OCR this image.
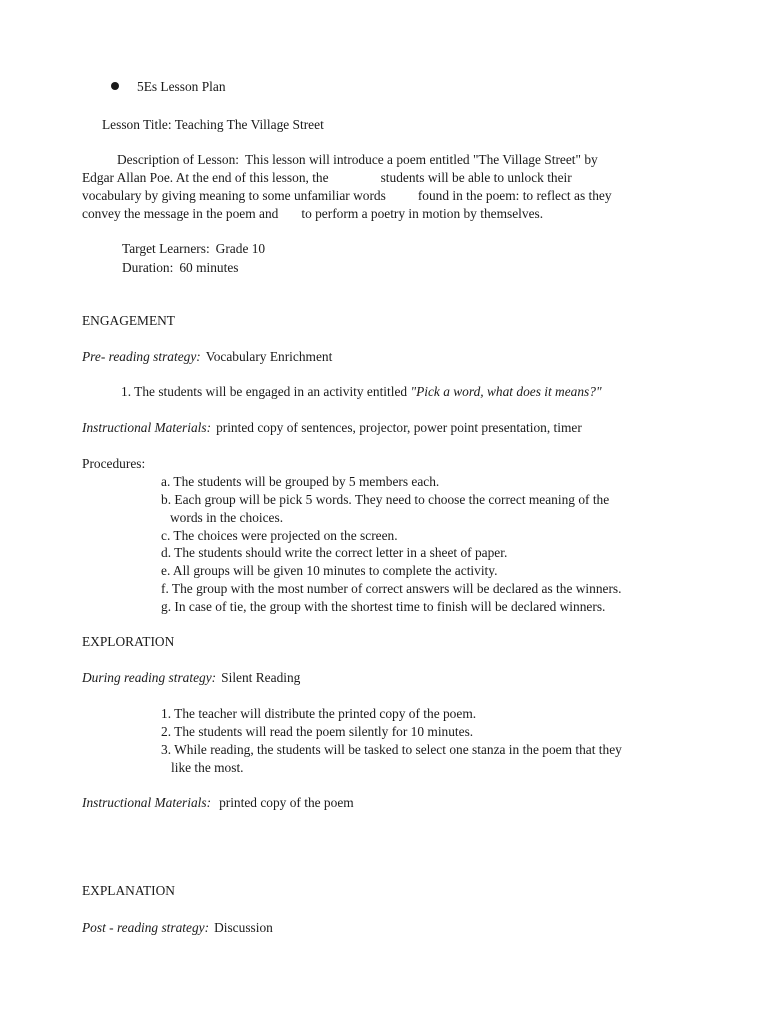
5Es Lesson Plan
Lesson Title: Teaching The Village Street
Description of Lesson: This lesson will introduce a poem entitled "The Village Street" by
Edgar Allan Poe. At the end of this lesson, the	students will be able to unlock their
vocabulary by giving meaning to some unfamiliar words found in the poem: to reflect as they
convey the message in the poem and to perform a poetry in motion by themselves.
Target Learners: Grade 10
Duration: 60 minutes
ENGAGEMENT
Pre- reading strategy: Vocabulary Enrichment
1. The students will be engaged in an activity entitled "Pick a word, what does it means?"
Instructional Materials: printed copy of sentences, projector, power point presentation, timer
Procedures:
a. The students will be grouped by 5 members each.
b. Each group will be pick 5 words. They need to choose the correct meaning of the
words in the choices.
c. The choices were projected on the screen.
d. The students should write the correct letter in a sheet of paper.
e. All groups will be given 10 minutes to complete the activity.
f. The group with the most number of correct answers will be declared as the winners.
g. In case of tie, the group with the shortest time to finish will be declared winners.
EXPLORATION
During reading strategy: Silent Reading
1. The teacher will distribute the printed copy of the poem.
2. The students will read the poem silently for 10 minutes.
3. While reading, the students will be tasked to select one stanza in the poem that they
like the most.
Instructional Materials: printed copy of the poem
EXPLANATION
Post - reading strategy: Discussion
